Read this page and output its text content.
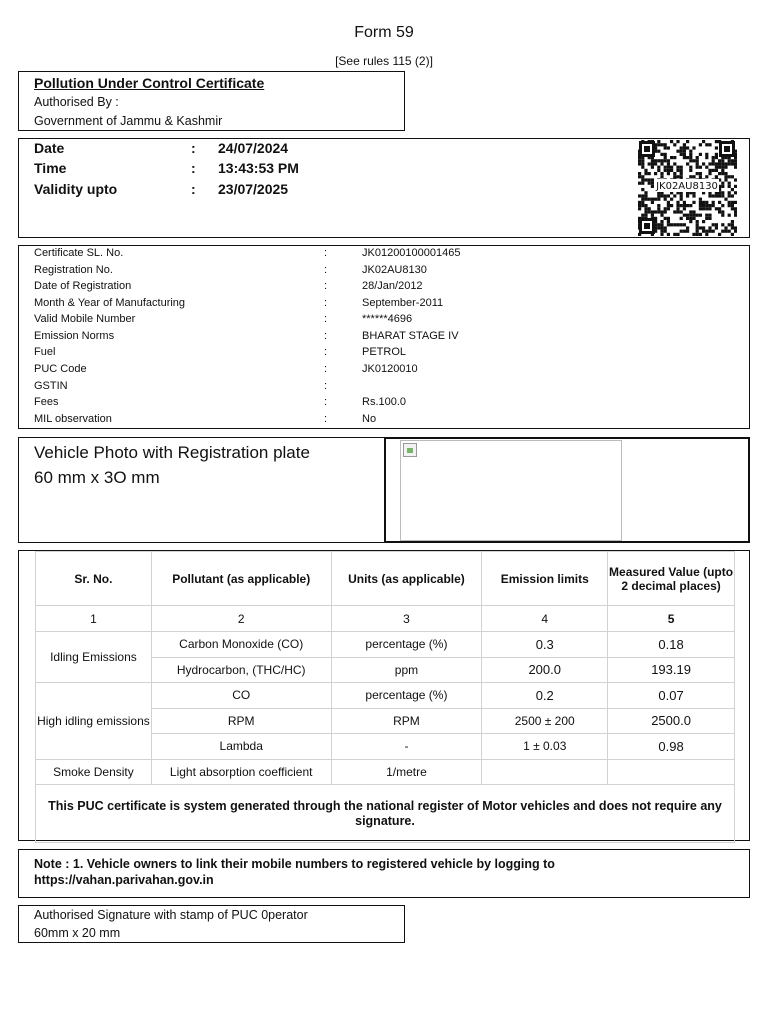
Form 59
[See rules 115 (2)]
Pollution Under Control Certificate
Authorised By :
Government of Jammu & Kashmir
Date	: 24/07/2024
Time	: 13:43:53 PM
Validity upto	: 23/07/2025	JK02AU8130
Certificate SL. No.	:	JK01200100001465
Registration No.	:	JK02AU8130
Date of Registration	:	28/Jan/2012
Month & Year of Manufacturing	:	September-2011
Valid Mobile Number	:	******4696
Emission Norms	:	BHARAT STAGE IV
Fuel	:	PETROL
PUC Code	:	JK0120010
GSTIN	:
Fees	:	Rs.100.0
MIL observation	:	No
Vehicle Photo with Registration plate
60 mm x 3O mm
Sr. No.	Pollutant (as applicable)	Units (as applicable)	Emission limits	Measured Value (upto 2 decimal places)
1	2	3	4	5
Idling Emissions	Carbon Monoxide (CO)	percentage (%)	0.3	0.18
	Hydrocarbon, (THC/HC)	ppm	200.0	193.19
High idling emissions	CO	percentage (%)	0.2	0.07
	RPM	RPM	2500 ± 200	2500.0
	Lambda	-	1 ± 0.03	0.98
Smoke Density	Light absorption coefficient	1/metre		
This PUC certificate is system generated through the national register of Motor vehicles and does not require any signature.				
Note : 1. Vehicle owners to link their mobile numbers to registered vehicle by logging to
https://vahan.parivahan.gov.in
Authorised Signature with stamp of PUC 0perator
60mm x 20 mm
